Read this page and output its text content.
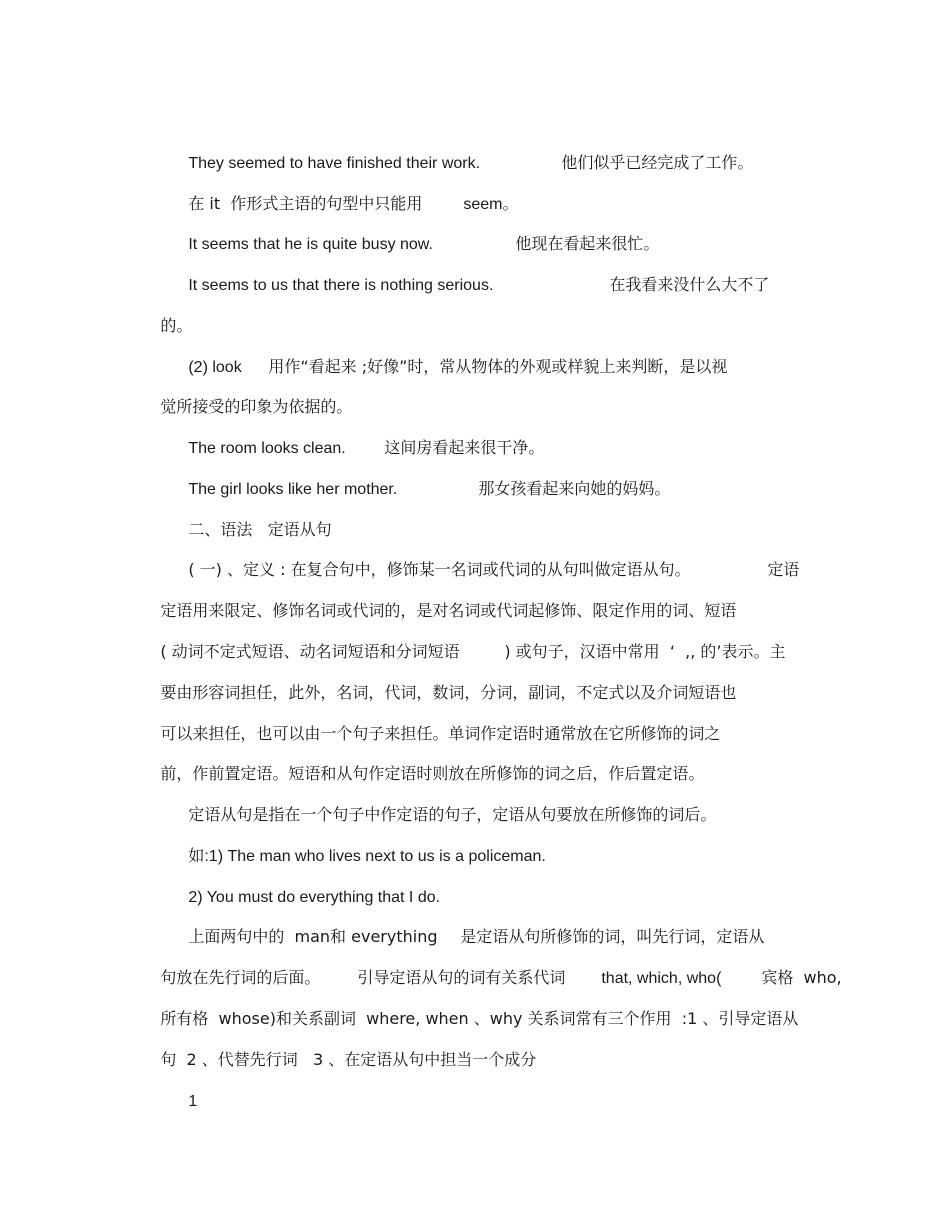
They seemed to have finished their work.
	他们似乎已经完成了工作。

在 it  作形式主语的句型中只能用
	seem。

It seems that he is quite busy now.
	他现在看起来很忙。

It seems to us that there is nothing serious.
	在我看来没什么大不了

的。

(2) look
	用作“看起来 ;好像”时，常从物体的外观或样貌上来判断，是以视

觉所接受的印象为依据的。

The room looks clean.
	这间房看起来很干净。

The girl looks like her mother.
	那女孩看起来向她的妈妈。

二、语法   定语从句

( 一) 、定义 : 在复合句中，修饰某一名词或代词的从句叫做定语从句。
	定语

定语用来限定、修饰名词或代词的，是对名词或代词起修饰、限定作用的词、短语

( 动词不定式短语、动名词短语和分词短语
	) 或句子，汉语中常用  ‘  ,, 的’表示。主

要由形容词担任，此外，名词，代词，数词，分词，副词，不定式以及介词短语也

可以来担任，也可以由一个句子来担任。单词作定语时通常放在它所修饰的词之

前，作前置定语。短语和从句作定语时则放在所修饰的词之后，作后置定语。

定语从句是指在一个句子中作定语的句子，定语从句要放在所修饰的词后。

如:1) The man who lives next to us is a policeman.

2) You must do everything that I do.

上面两句中的  man和 everything
	是定语从句所修饰的词，叫先行词，定语从

句放在先行词的后面。
	引导定语从句的词有关系代词
	that, which, who(
	宾格  who,

所有格  whose)和关系副词  where, when 、why 关系词常有三个作用  :1 、引导定语从

句  2 、代替先行词   3 、在定语从句中担当一个成分

1
